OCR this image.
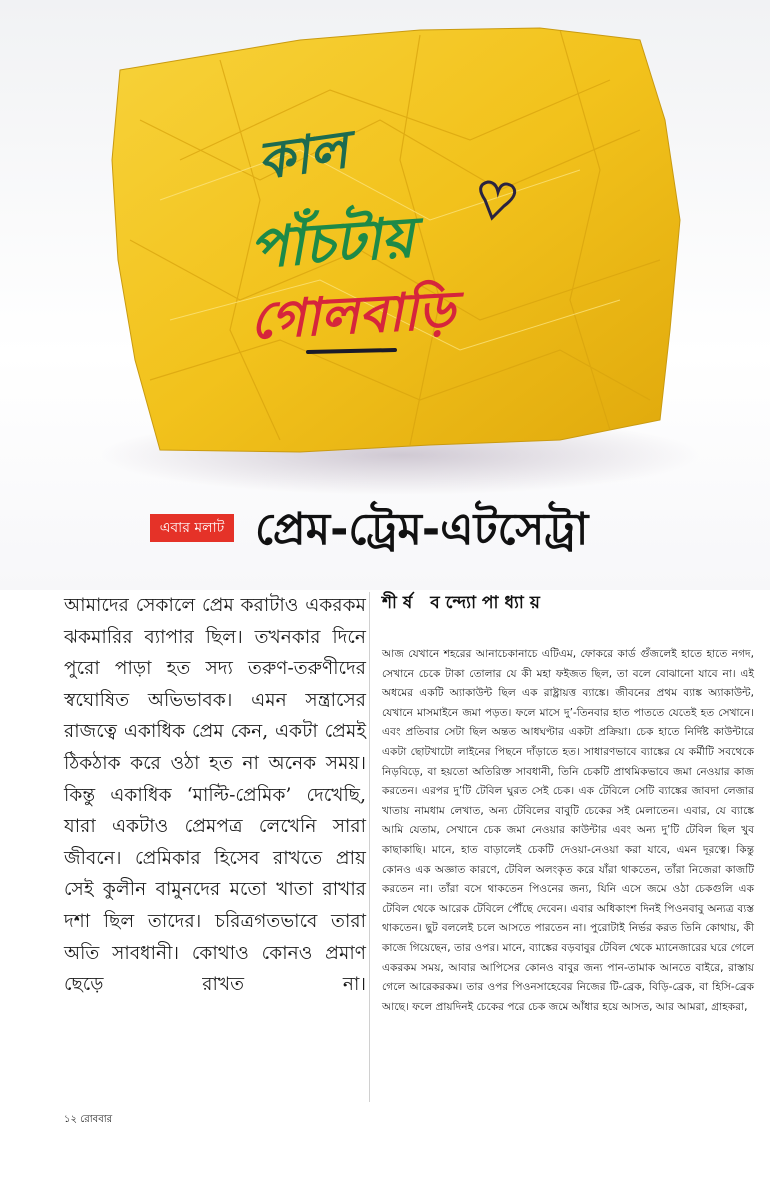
কাল
পাঁচটায়
গোলবাড়ি
এবার মলাট প্রেম-ট্রেম-এটসেট্রা

আমাদের সেকালে প্রেম করাটাও একরকম ঝকমারির ব্যাপার ছিল। তখনকার দিনে পুরো পাড়া হত সদ্য তরুণ-তরুণীদের স্বঘোষিত অভিভাবক। এমন সন্ত্রাসের রাজত্বে একাধিক প্রেম কেন, একটা প্রেমই ঠিকঠাক করে ওঠা হত না অনেক সময়। কিন্তু একাধিক ‘মাল্টি-প্রেমিক’ দেখেছি, যারা একটাও প্রেমপত্র লেখেনি সারা জীবনে। প্রেমিকার হিসেব রাখতে প্রায় সেই কুলীন বামুনদের মতো খাতা রাখার দশা ছিল তাদের। চরিত্রগতভাবে তারা অতি সাবধানী। কোথাও কোনও প্রমাণ ছেড়ে রাখত না।

শীর্ষ বন্দ্যোপাধ্যায়

আজ যেখানে শহরের আনাচেকানাচে এটিএম, ফোকরে কার্ড গুঁজলেই হাতে হাতে নগদ, সেখানে চেকে টাকা তোলার যে কী মহা ফইজত ছিল, তা বলে বোঝানো যাবে না। এই অধমের একটি অ্যাকাউন্ট ছিল এক রাষ্ট্রায়ত্ত ব্যাঙ্কে। জীবনের প্রথম ব্যাঙ্ক অ্যাকাউন্ট, যেখানে মাসমাইনে জমা পড়ত। ফলে মাসে দু’-তিনবার হাত পাততে যেতেই হত সেখানে। এবং প্রতিবার সেটা ছিল অন্তত আধঘণ্টার একটা প্রক্রিয়া। চেক হাতে নির্দিষ্ট কাউন্টারে একটা ছোটখাটো লাইনের পিছনে দাঁড়াতে হত। সাধারণভাবে ব্যাঙ্কের যে কর্মীটি সবথেকে নিড়বিড়ে, বা হয়তো অতিরিক্ত সাবধানী, তিনি চেকটি প্রাথমিকভাবে জমা নেওয়ার কাজ করতেন। এরপর দু’টি টেবিল ঘুরত সেই চেক। এক টেবিলে সেটি ব্যাঙ্কের জাবদা লেজার খাতায় নামধাম লেখাত, অন্য টেবিলের বাবুটি চেকের সই মেলাতেন। এবার, যে ব্যাঙ্কে আমি যেতাম, সেখানে চেক জমা নেওয়ার কাউন্টার এবং অন্য দু’টি টেবিল ছিল খুব কাছাকাছি। মানে, হাত বাড়ালেই চেকটি দেওয়া-নেওয়া করা যাবে, এমন দূরত্বে। কিন্তু কোনও এক অজ্ঞাত কারণে, টেবিল অলংকৃত করে যাঁরা থাকতেন, তাঁরা নিজেরা কাজটি করতেন না। তাঁরা বসে থাকতেন পিওনের জন্য, যিনি এসে জমে ওঠা চেকগুলি এক টেবিল থেকে আরেক টেবিলে পৌঁছে দেবেন। এবার অধিকাংশ দিনই পিওনবাবু অন্যত্র ব্যস্ত থাকতেন। ছুট বললেই চলে আসতে পারতেন না। পুরোটাই নির্ভর করত তিনি কোথায়, কী কাজে গিয়েছেন, তার ওপর। মানে, ব্যাঙ্কের বড়বাবুর টেবিল থেকে ম্যানেজারের ঘরে গেলে একরকম সময়, আবার আপিসের কোনও বাবুর জন্য পান-তামাক আনতে বাইরে, রাস্তায় গেলে আরেকরকম। তার ওপর পিওনসাহেবের নিজের টি-ব্রেক, বিড়ি-ব্রেক, বা হিসি-ব্রেক আছে। ফলে প্রায়দিনই চেকের পরে চেক জমে আঁধার হয়ে আসত, আর আমরা, গ্রাহকরা,

১২ রোববার
